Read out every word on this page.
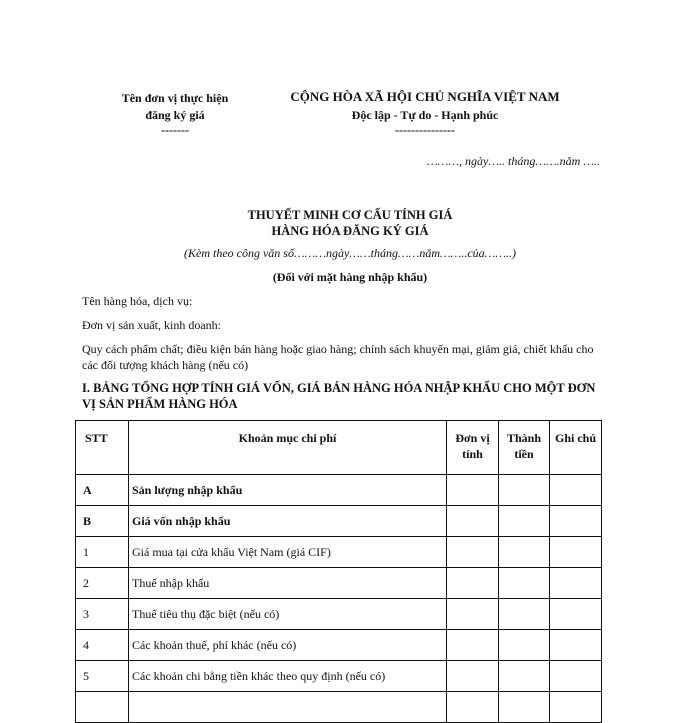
Tên đơn vị thực hiện

đăng ký giá

-------

CỘNG HÒA XÃ HỘI CHỦ NGHĨA VIỆT NAM

Độc lập - Tự do - Hạnh phúc

---------------

………, ngày….. tháng…….năm …..

THUYẾT MINH CƠ CẤU TÍNH GIÁ

HÀNG HÓA ĐĂNG KÝ GIÁ

(Kèm theo công văn số………ngày……tháng……năm……..của……..)
(Đối với mặt hàng nhập khẩu)
Tên hàng hóa, dịch vụ:
Đơn vị sản xuất, kinh doanh:
Quy cách phẩm chất; điều kiện bán hàng hoặc giao hàng; chính sách khuyến mại, giảm giá, chiết khấu cho các đối tượng khách hàng (nếu có)
I. BẢNG TỔNG HỢP TÍNH GIÁ VỐN, GIÁ BÁN HÀNG HÓA NHẬP KHẨU CHO MỘT ĐƠN VỊ SẢN PHẨM HÀNG HÓA
STT	Khoản mục chi phí	Đơn vị tính	Thành tiền	Ghi chú
A	Sản lượng nhập khẩu			
B	Giá vốn nhập khẩu			
1	Giá mua tại cửa khẩu Việt Nam (giá CIF)			
2	Thuế nhập khẩu			
3	Thuế tiêu thụ đặc biệt (nếu có)			
4	Các khoản thuế, phí khác (nếu có)			
5	Các khoản chi bằng tiền khác theo quy định (nếu có)			
